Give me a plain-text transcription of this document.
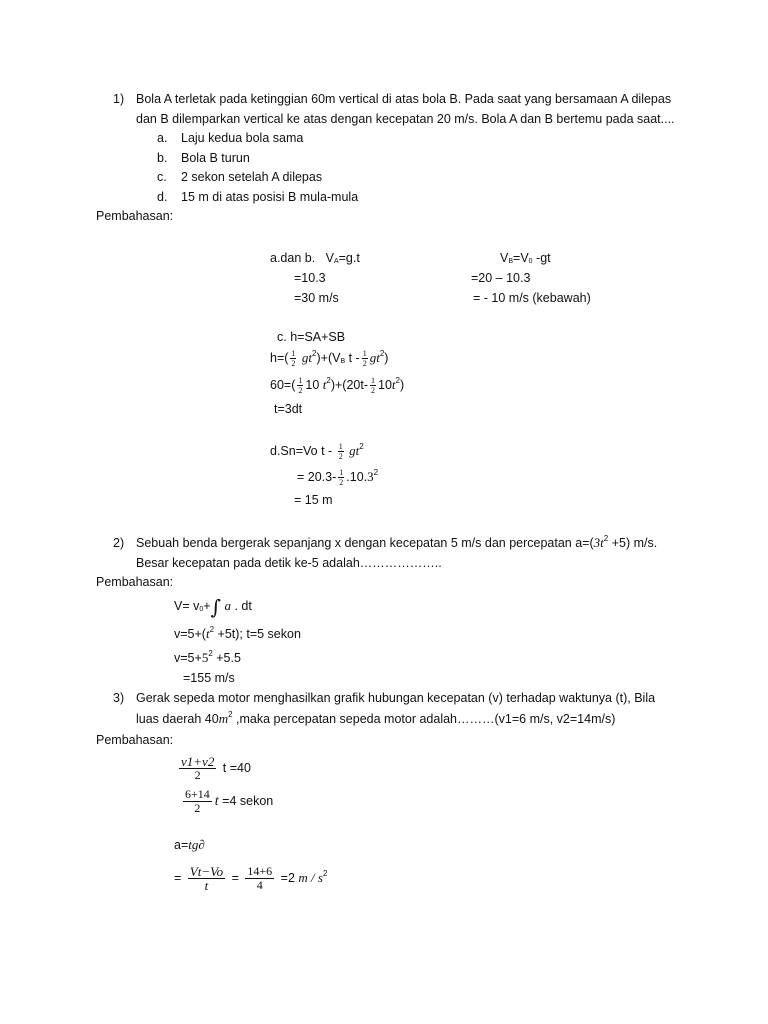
1) Bola A terletak pada ketinggian 60m vertical di atas bola B. Pada saat yang bersamaan A dilepas
dan B dilemparkan vertical ke atas dengan kecepatan 20 m/s. Bola A dan B bertemu pada saat....
a. Laju kedua bola sama
b. Bola B turun
c. 2 sekon setelah A dilepas
d. 15 m di atas posisi B mula-mula
Pembahasan:
a.dan b. $V_A=g.t$	$V_B=V_0$ -gt
=10.3
=30 m/s
=20 – 10.3
= - 10 m/s (kebawah)
c. h=SA+SB
$h=( \frac{1}{2} gt^2)+(V_B$ t - $\frac{1}{2} gt^2$)
$60=( \frac{1}{2} 10$ $t^2)+(20t- \frac{1}{2} 10t^2)$
t=3dt
d.Sn=Vo t - $\frac{1}{2} gt^2$
= $20.3- \frac{1}{2} .10.3^2$
= 15 m
2) Sebuah benda bergerak sepanjang x dengan kecepatan 5 m/s dan percepatan $a=(3t^2 +5)$ m/s.
Besar kecepatan pada detik ke-5 adalah………………..
Pembahasan:
$V= v_0+\int$ a . dt
$v=5+(t^2 +5t)$; t=5 sekon
$v=5+5^2 +5.5$
=155 m/s
3) Gerak sepeda motor menghasilkan grafik hubungan kecepatan (v) terhadap waktunya (t), Bila
luas daerah $40m^2$ ,maka percepatan sepeda motor adalah………(v1=6 m/s, v2=14m/s)
Pembahasan:
$\frac{v1+v2}{2}$ t =40
$\frac{6+14}{2}$ t =4 sekon
a=tg∂
= $\frac{Vt-Vo}{t} = \frac{14+6}{4} =2$ m / $s^2$
